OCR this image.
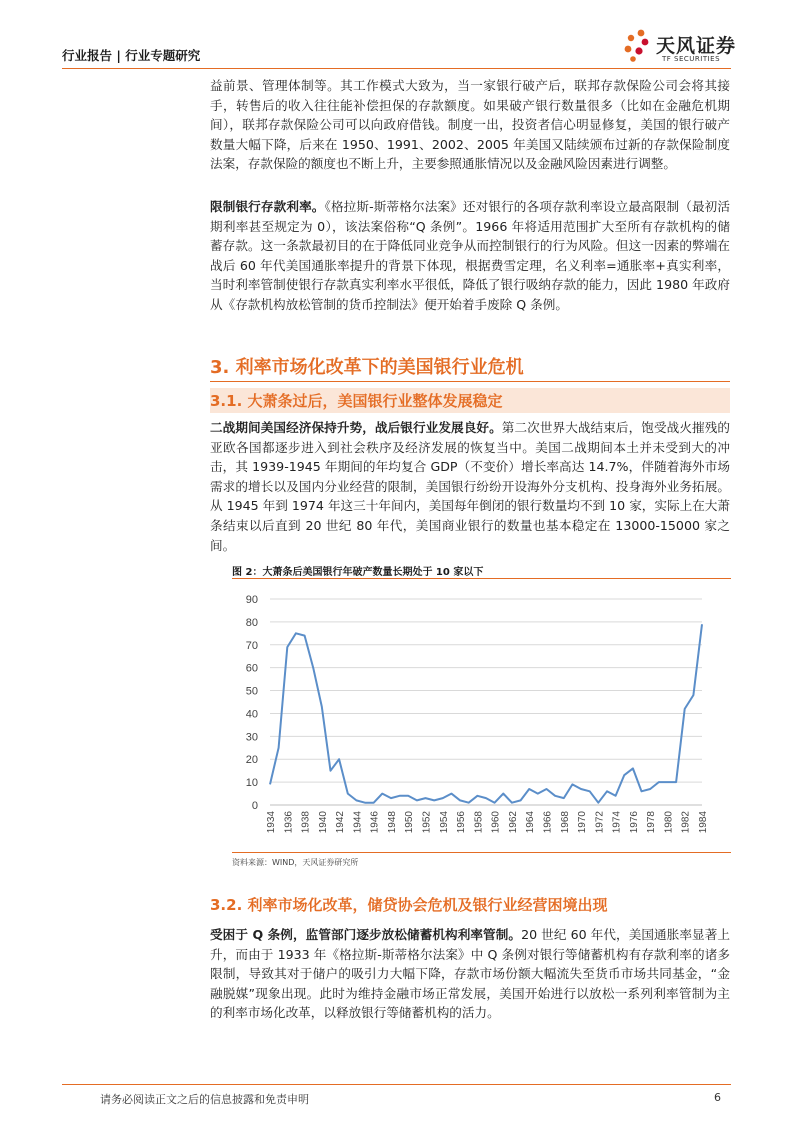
行业报告 | 行业专题研究	天风证券
TF SECURITIES
益前景、管理体制等。其工作模式大致为，当一家银行破产后，联邦存款保险公司会将其接手，转售后的收入往往能补偿担保的存款额度。如果破产银行数量很多（比如在金融危机期间），联邦存款保险公司可以向政府借钱。制度一出，投资者信心明显修复，美国的银行破产数量大幅下降，后来在 1950、1991、2002、2005 年美国又陆续颁布过新的存款保险制度法案，存款保险的额度也不断上升，主要参照通胀情况以及金融风险因素进行调整。
限制银行存款利率。《格拉斯-斯蒂格尔法案》还对银行的各项存款利率设立最高限制（最初活期利率甚至规定为 0），该法案俗称“Q 条例”。1966 年将适用范围扩大至所有存款机构的储蓄存款。这一条款最初目的在于降低同业竞争从而控制银行的行为风险。但这一因素的弊端在战后 60 年代美国通胀率提升的背景下体现，根据费雪定理，名义利率=通胀率+真实利率，当时利率管制使银行存款真实利率水平很低，降低了银行吸纳存款的能力，因此 1980 年政府从《存款机构放松管制的货币控制法》便开始着手废除 Q 条例。
3. 利率市场化改革下的美国银行业危机
3.1. 大萧条过后，美国银行业整体发展稳定
二战期间美国经济保持升势，战后银行业发展良好。第二次世界大战结束后，饱受战火摧残的亚欧各国都逐步进入到社会秩序及经济发展的恢复当中。美国二战期间本土并未受到大的冲击，其 1939-1945 年期间的年均复合 GDP（不变价）增长率高达 14.7%，伴随着海外市场需求的增长以及国内分业经营的限制，美国银行纷纷开设海外分支机构、投身海外业务拓展。从 1945 年到 1974 年这三十年间内，美国每年倒闭的银行数量均不到 10 家，实际上在大萧条结束以后直到 20 世纪 80 年代，美国商业银行的数量也基本稳定在 13000-15000 家之间。
图 2：大萧条后美国银行年破产数量长期处于 10 家以下
0
10
20
30
40
50
60
70
80
90
1934 1936 1938 1940 1942 1944 1946 1948 1950 1952 1954 1956 1958 1960 1962 1964 1966 1968 1970 1972 1974 1976 1978 1980 1982 1984
资料来源：WIND，天风证券研究所
3.2. 利率市场化改革，储贷协会危机及银行业经营困境出现
受困于 Q 条例，监管部门逐步放松储蓄机构利率管制。20 世纪 60 年代，美国通胀率显著上升，而由于 1933 年《格拉斯-斯蒂格尔法案》中 Q 条例对银行等储蓄机构有存款利率的诸多限制，导致其对于储户的吸引力大幅下降，存款市场份额大幅流失至货币市场共同基金，“金融脱媒”现象出现。此时为维持金融市场正常发展，美国开始进行以放松一系列利率管制为主的利率市场化改革，以释放银行等储蓄机构的活力。
请务必阅读正文之后的信息披露和免责申明	6
